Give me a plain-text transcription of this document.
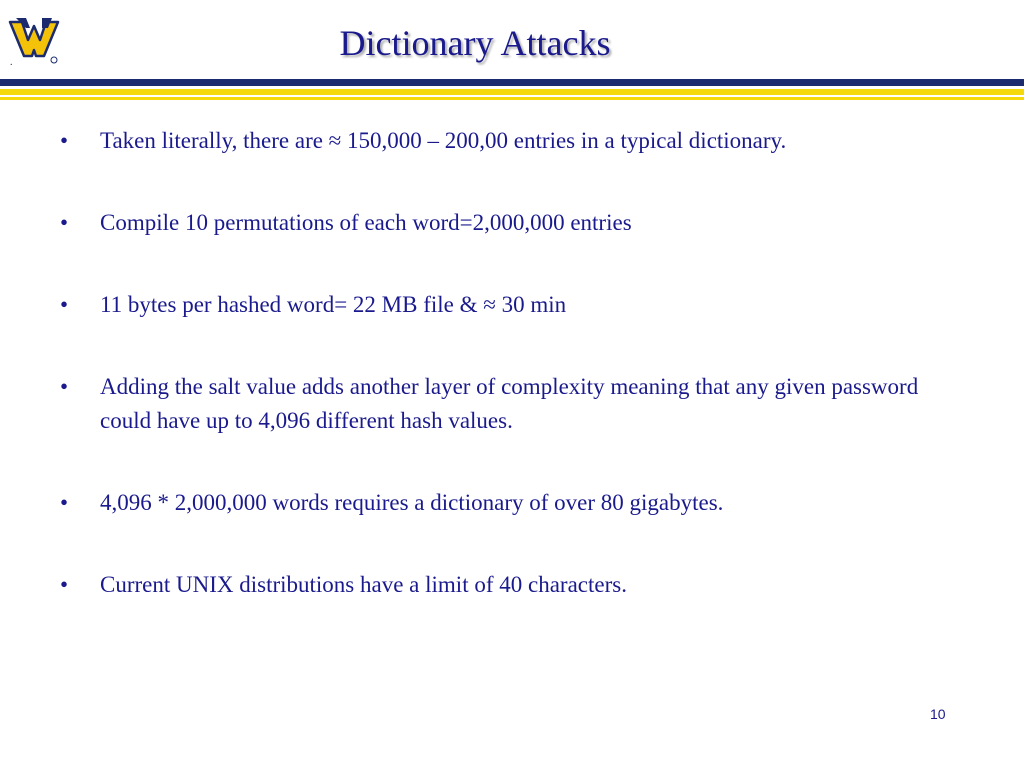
.	Dictionary Attacks
•	Taken literally, there are ≈ 150,000 – 200,00 entries in a typical dictionary.
•	Compile 10 permutations of each word=2,000,000 entries
•	11 bytes per hashed word= 22 MB file & ≈ 30 min
•	Adding the salt value adds another layer of complexity meaning that any given password could have up to 4,096 different hash values.
•	4,096 * 2,000,000 words requires a dictionary of over 80 gigabytes.
•	Current UNIX distributions have a limit of 40 characters.
10
